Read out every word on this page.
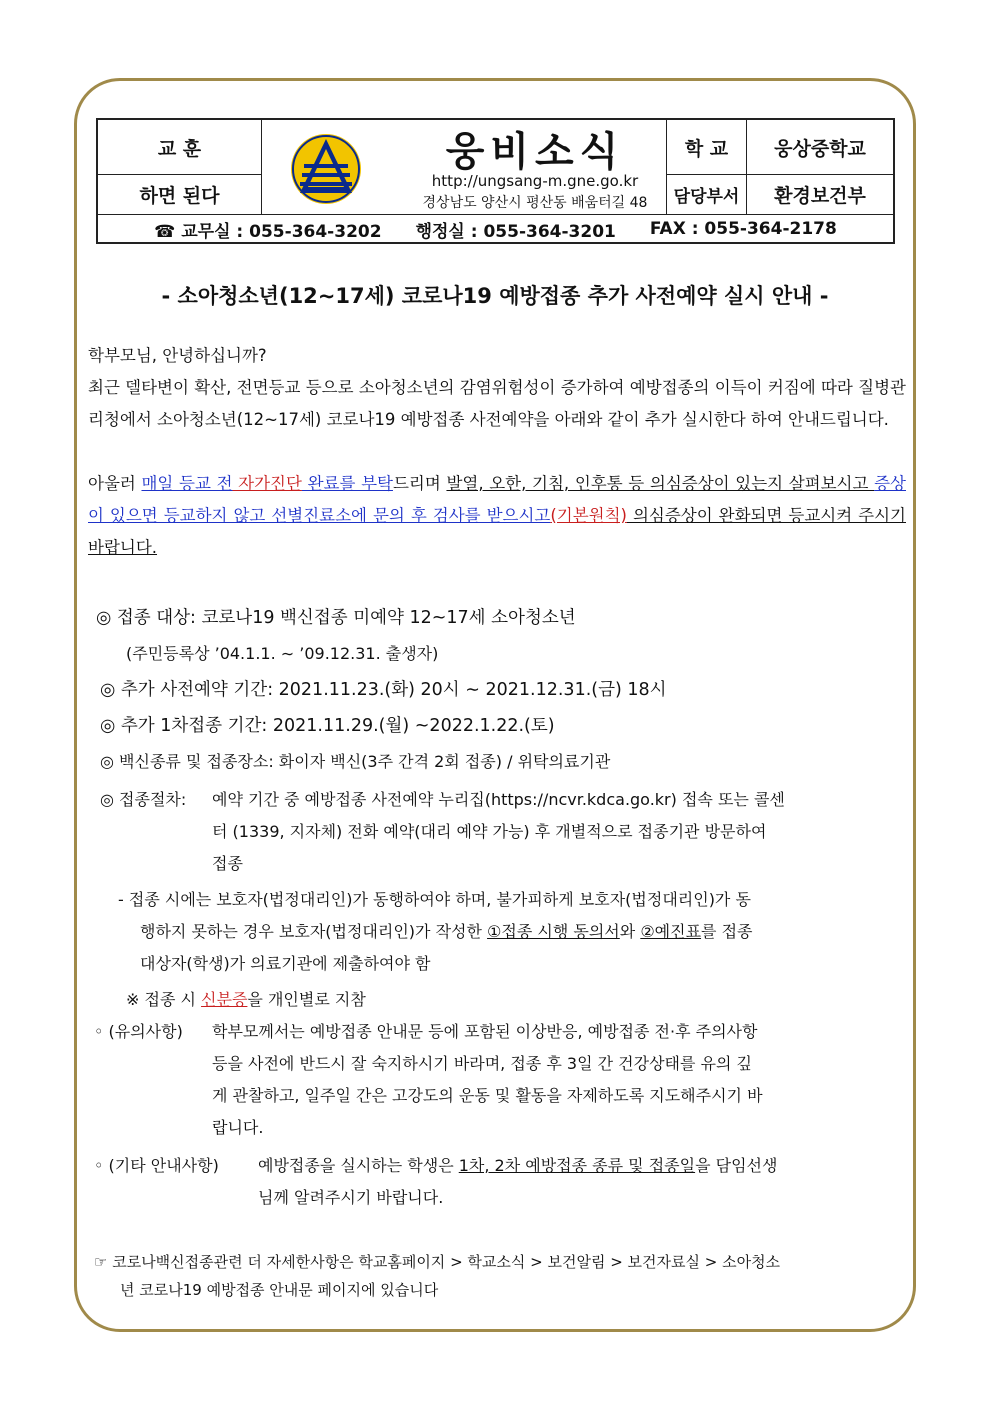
교 훈
하면 된다
학 교 웅상중학교
담당부서 환경보건부
웅비소식
http://ungsang-m.gne.go.kr
경상남도 양산시 평산동 배움터길 48
☎ 교무실 : 055-364-3202 행정실 : 055-364-3201 FAX : 055-364-2178
- 소아청소년(12∼17세) 코로나19 예방접종 추가 사전예약 실시 안내 -
학부모님, 안녕하십니까?
최근 델타변이 확산, 전면등교 등으로 소아청소년의 감염위험성이 증가하여 예방접종의 이득이 커짐에 따라 질병관리청에서 소아청소년(12~17세) 코로나19 예방접종 사전예약을 아래와 같이 추가 실시한다 하여 안내드립니다.
아울러 매일 등교 전 자가진단 완료를 부탁드리며 발열, 오한, 기침, 인후통 등 의심증상이 있는지 살펴보시고 증상이 있으면 등교하지 않고 선별진료소에 문의 후 검사를 받으시고(기본원칙) 의심증상이 완화되면 등교시켜 주시기 바랍니다.
◎ 접종 대상: 코로나19 백신접종 미예약 12~17세 소아청소년
(주민등록상 ’04.1.1. ∼ ’09.12.31. 출생자)
◎ 추가 사전예약 기간: 2021.11.23.(화) 20시 ∼ 2021.12.31.(금) 18시
◎ 추가 1차접종 기간: 2021.11.29.(월) ~2022.1.22.(토)
◎ 백신종류 및 접종장소: 화이자 백신(3주 간격 2회 접종) / 위탁의료기관
◎ 접종절차: 예약 기간 중 예방접종 사전예약 누리집(https://ncvr.kdca.go.kr) 접속 또는 콜센
터 (1339, 지자체) 전화 예약(대리 예약 가능) 후 개별적으로 접종기관 방문하여
접종
- 접종 시에는 보호자(법정대리인)가 동행하여야 하며, 불가피하게 보호자(법정대리인)가 동
행하지 못하는 경우 보호자(법정대리인)가 작성한 ①접종 시행 동의서와 ②예진표를 접종
대상자(학생)가 의료기관에 제출하여야 함
※ 접종 시 신분증을 개인별로 지참
◦ (유의사항) 학부모께서는 예방접종 안내문 등에 포함된 이상반응, 예방접종 전·후 주의사항
등을 사전에 반드시 잘 숙지하시기 바라며, 접종 후 3일 간 건강상태를 유의 깊
게 관찰하고, 일주일 간은 고강도의 운동 및 활동을 자제하도록 지도해주시기 바
랍니다.
◦ (기타 안내사항) 예방접종을 실시하는 학생은 1차, 2차 예방접종 종류 및 접종일을 담임선생
님께 알려주시기 바랍니다.
☞ 코로나백신접종관련 더 자세한사항은 학교홈페이지 > 학교소식 > 보건알림 > 보건자료실 > 소아청소
년 코로나19 예방접종 안내문 페이지에 있습니다
